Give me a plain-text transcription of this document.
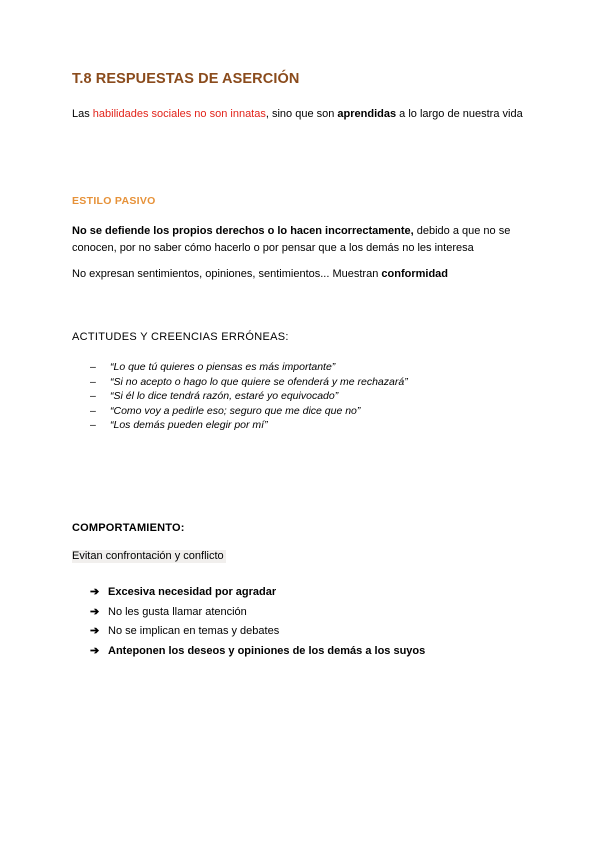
T.8 RESPUESTAS DE ASERCIÓN
Las habilidades sociales no son innatas, sino que son aprendidas a lo largo de nuestra vida
ESTILO PASIVO
No se defiende los propios derechos o lo hacen incorrectamente, debido a que no se conocen, por no saber cómo hacerlo o por pensar que a los demás no les interesa
No expresan sentimientos, opiniones, sentimientos... Muestran conformidad
ACTITUDES Y CREENCIAS ERRÓNEAS:
– “Lo que tú quieres o piensas es más importante”
– “Si no acepto o hago lo que quiere se ofenderá y me rechazará”
– “Si él lo dice tendrá razón, estaré yo equivocado”
– “Como voy a pedirle eso; seguro que me dice que no”
– “Los demás pueden elegir por mí”
COMPORTAMIENTO:
Evitan confrontación y conflicto
➔ Excesiva necesidad por agradar
➔ No les gusta llamar atención
➔ No se implican en temas y debates
➔ Anteponen los deseos y opiniones de los demás a los suyos
